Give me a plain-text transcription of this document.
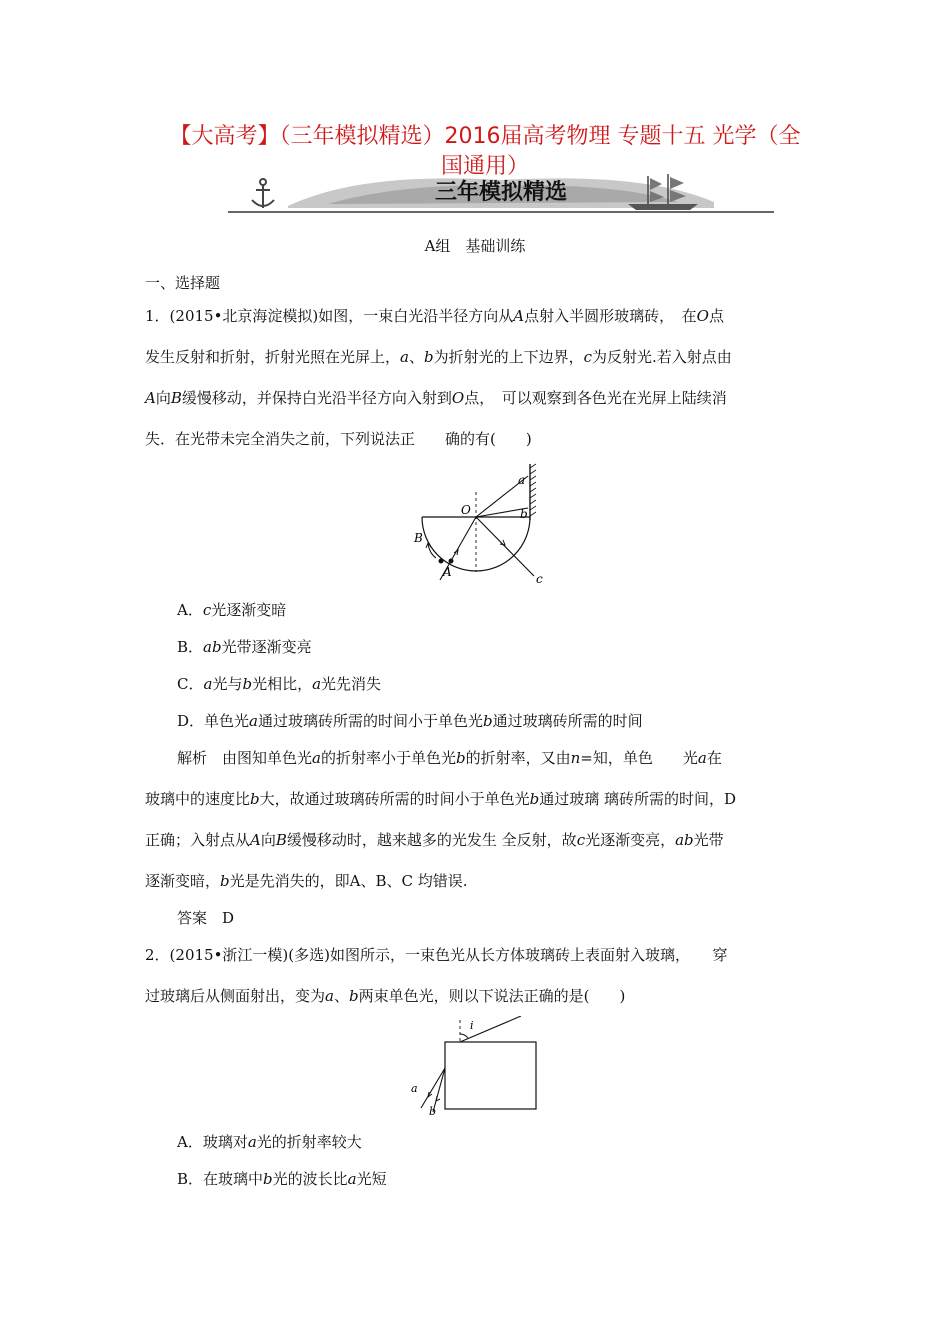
【大高考】（三年模拟精选）2016届高考物理 专题十五 光学（全
国通用）
三年模拟精选
A组　基础训练
一、选择题
1．(2015•北京海淀模拟)如图，一束白光沿半径方向从A点射入半圆形玻璃砖，　在O点
发生反射和折射，折射光照在光屏上，a、b为折射光的上下边界，c为反射光.若入射点由
A向B缓慢移动，并保持白光沿半径方向入射到O点，　可以观察到各色光在光屏上陆续消
失．在光带未完全消失之前，下列说法正　　确的有(　　)
O
a
b
c
B
A
A．c光逐渐变暗
B．ab光带逐渐变亮
C．a光与b光相比，a光先消失
D．单色光a通过玻璃砖所需的时间小于单色光b通过玻璃砖所需的时间
解析　由图知单色光a的折射率小于单色光b的折射率，又由n=知，单色　　光a在
玻璃中的速度比b大，故通过玻璃砖所需的时间小于单色光b通过玻璃 璃砖所需的时间，D
正确；入射点从A向B缓慢移动时，越来越多的光发生 全反射，故c光逐渐变亮，ab光带
逐渐变暗，b光是先消失的，即A、B、C 均错误.
答案　D
2．(2015•浙江一模)(多选)如图所示，一束色光从长方体玻璃砖上表面射入玻璃，　　穿
过玻璃后从侧面射出，变为a、b两束单色光，则以下说法正确的是(　　)
i
a
b
A．玻璃对a光的折射率较大
B．在玻璃中b光的波长比a光短
